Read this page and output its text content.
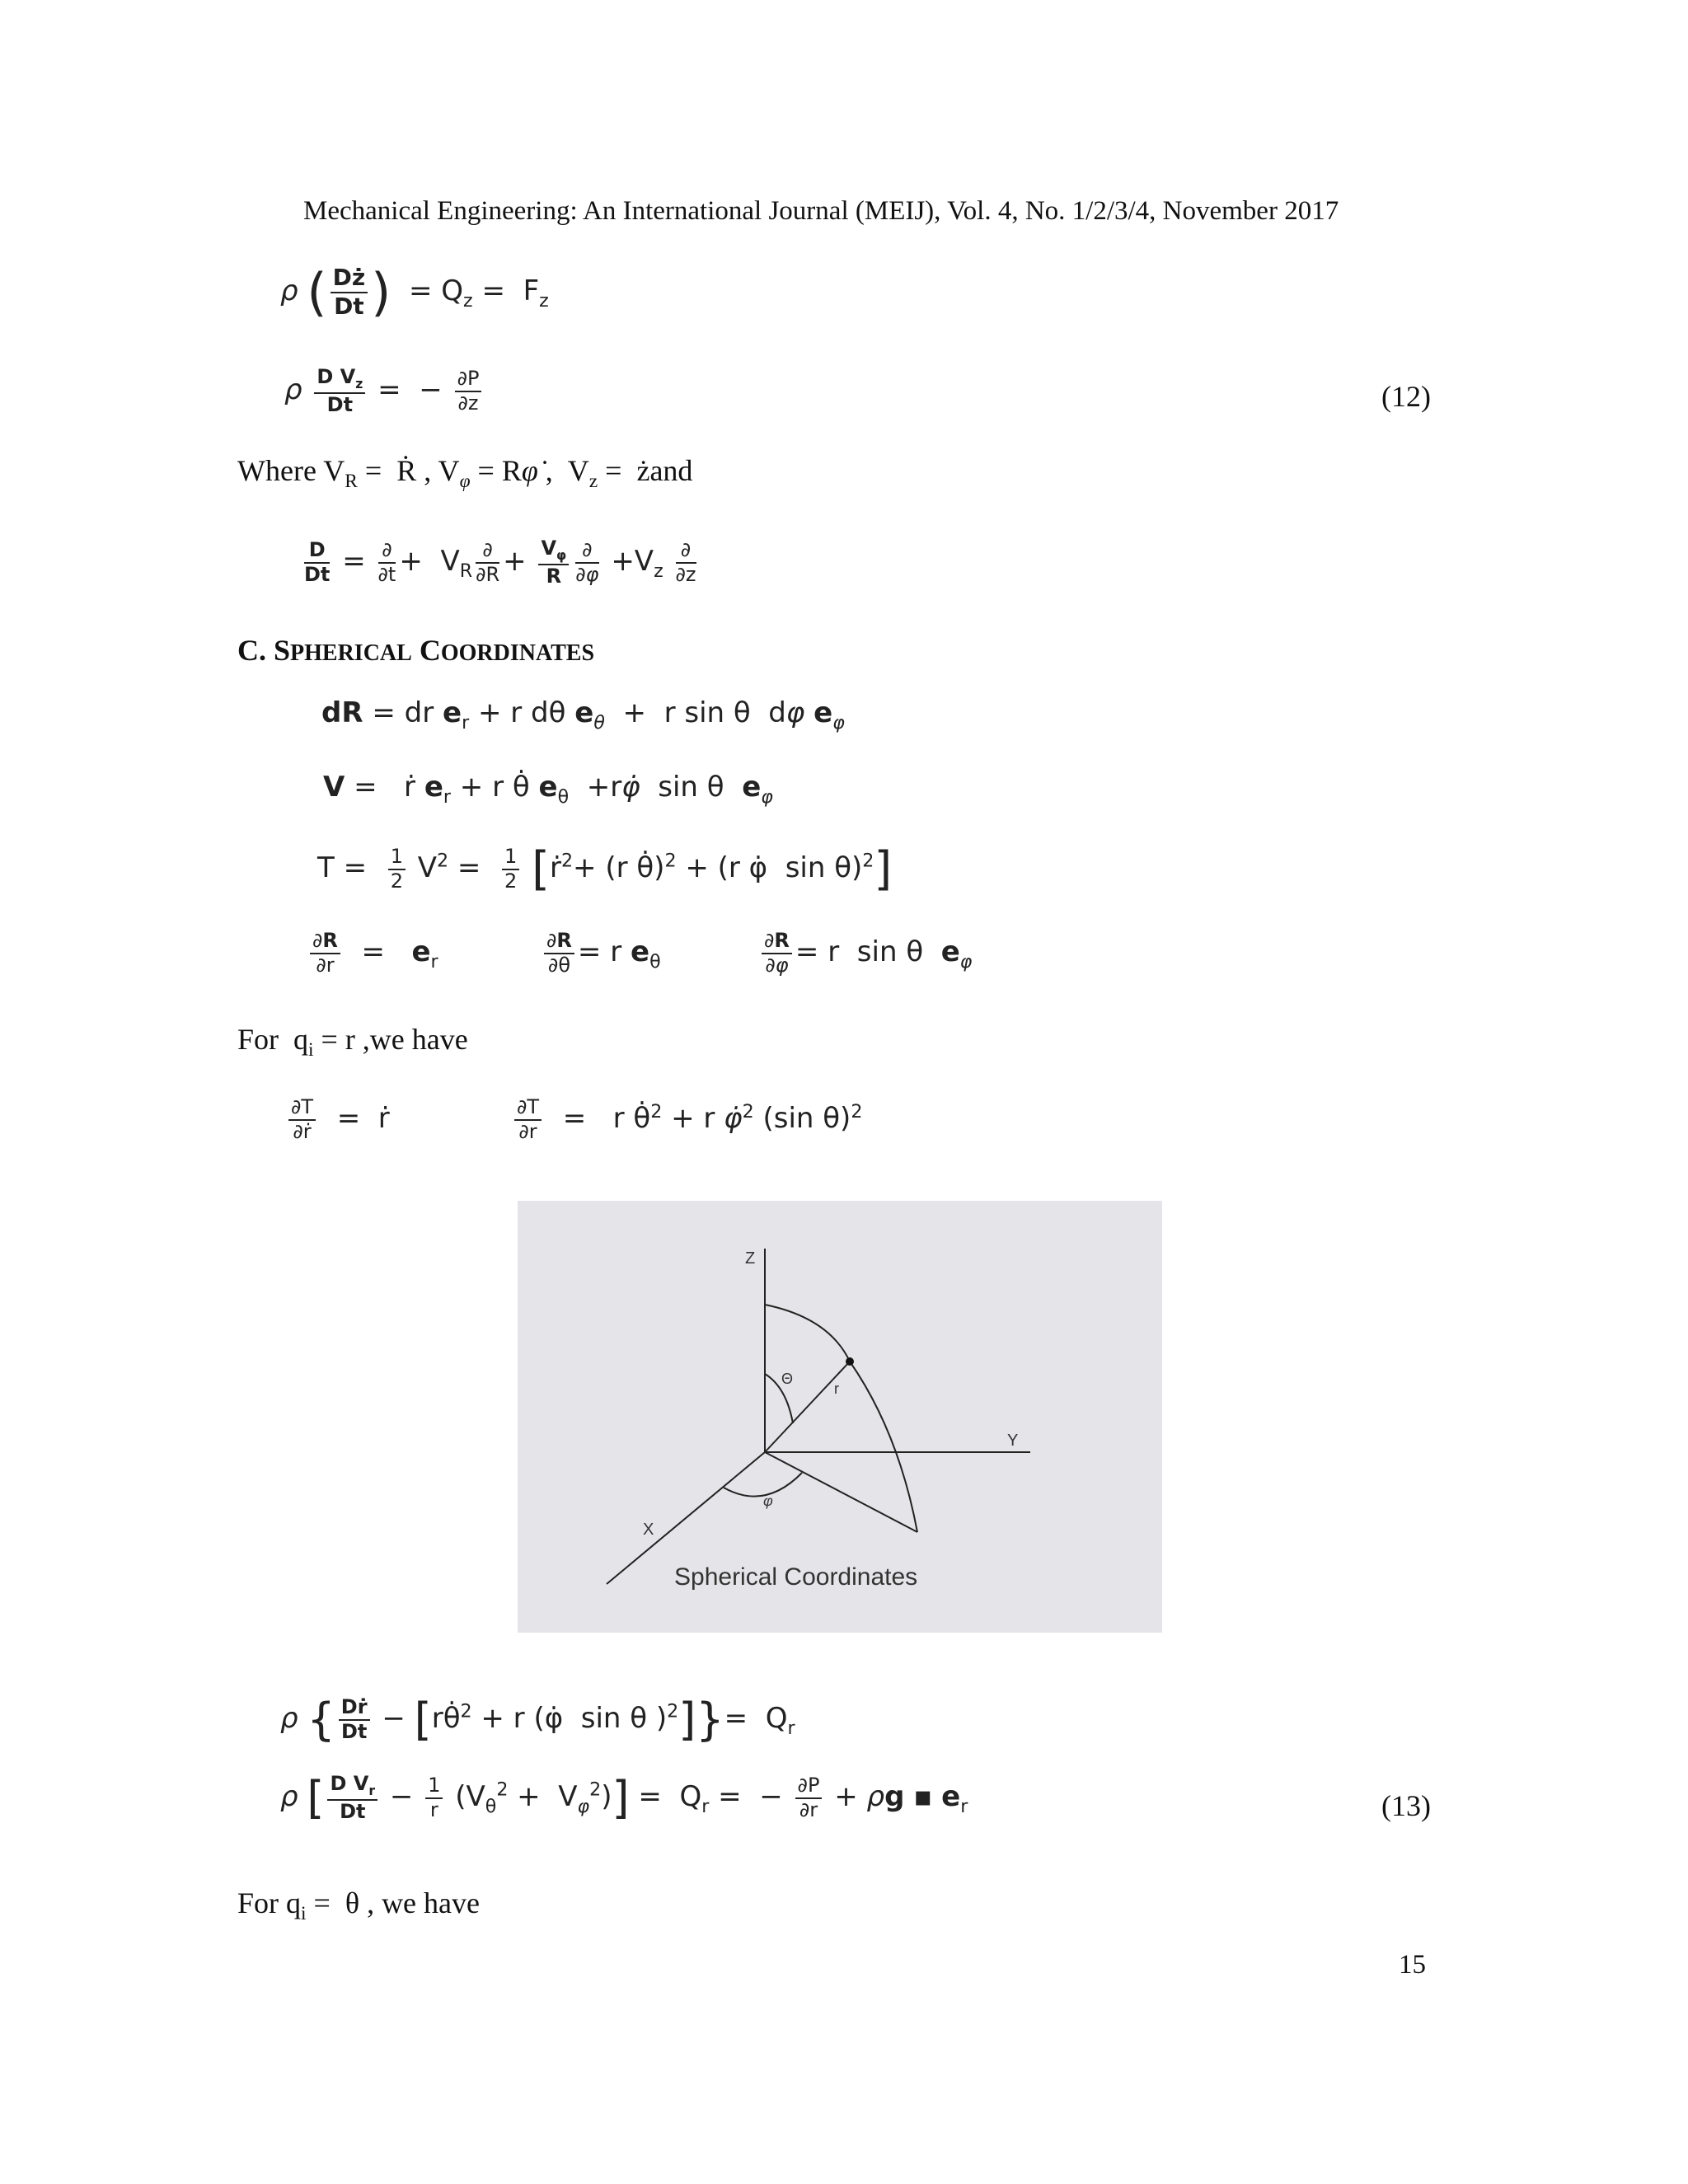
Mechanical Engineering: An International Journal (MEIJ), Vol. 4, No. 1/2/3/4, November 2017
ρ ( $\frac{Dż}{Dt}$ )  = $Q_z = F_z$
ρ $\frac{D V_z}{Dt}$ =  − $\frac{\partial P}{\partial z}$	(12)
Where $V_R$ =  Ṙ , $V_\varphi$ = Rφ̇ ,  $V_z$ =  żand
$\frac{D}{Dt} = \frac{\partial}{\partial t} + V_R \frac{\partial}{\partial R} + \frac{V_\varphi}{R} \frac{\partial}{\partial\varphi} +V_z \frac{\partial}{\partial z}$
C. SPHERICAL COORDINATES
dR = dr $e_r + r$ dθ $e_\theta + r$ sin θ  dφ $e_\varphi$
V =   ṙ $e_r + r$ θ̇ $e_\theta$  +rφ̇  sin θ  $e_\varphi$
$T = \frac{1}{2} V^2 = \frac{1}{2}$ [ṙ$^2$+ (r θ̇)$^2$ + (r φ̇  sin θ)$^2$]
$\frac{\partial R}{\partial r} = e_r$	$\frac{\partial R}{\partial\theta} = r$ $e_\theta$	$\frac{\partial R}{\partial\varphi} = r$  sin θ  $e_\varphi$
For  $q_i = r$ ,we have
$\frac{\partial T}{\text{∂ṙ}}$ =  ṙ	$\frac{\partial T}{\partial r} = r$ θ̇$^2$ + r φ̇$^2$ (sin θ)$^2$
Z
Y
X
Θ
r
φ
Spherical Coordinates
ρ { $\frac{\text{Dṙ}}{Dt}$ − [rθ̇$^2$ + r (φ̇  sin θ )$^2]\}= Q_r$
ρ [ $\frac{D V_r}{Dt} - \frac{1}{r} (V_\theta^2 + V_\varphi^2)] = Q_r$ =  − $\frac{\partial P}{\partial r} + \rho g$ ▪ $e_r$	(13)
For $q_i = \theta$ , we have
15
